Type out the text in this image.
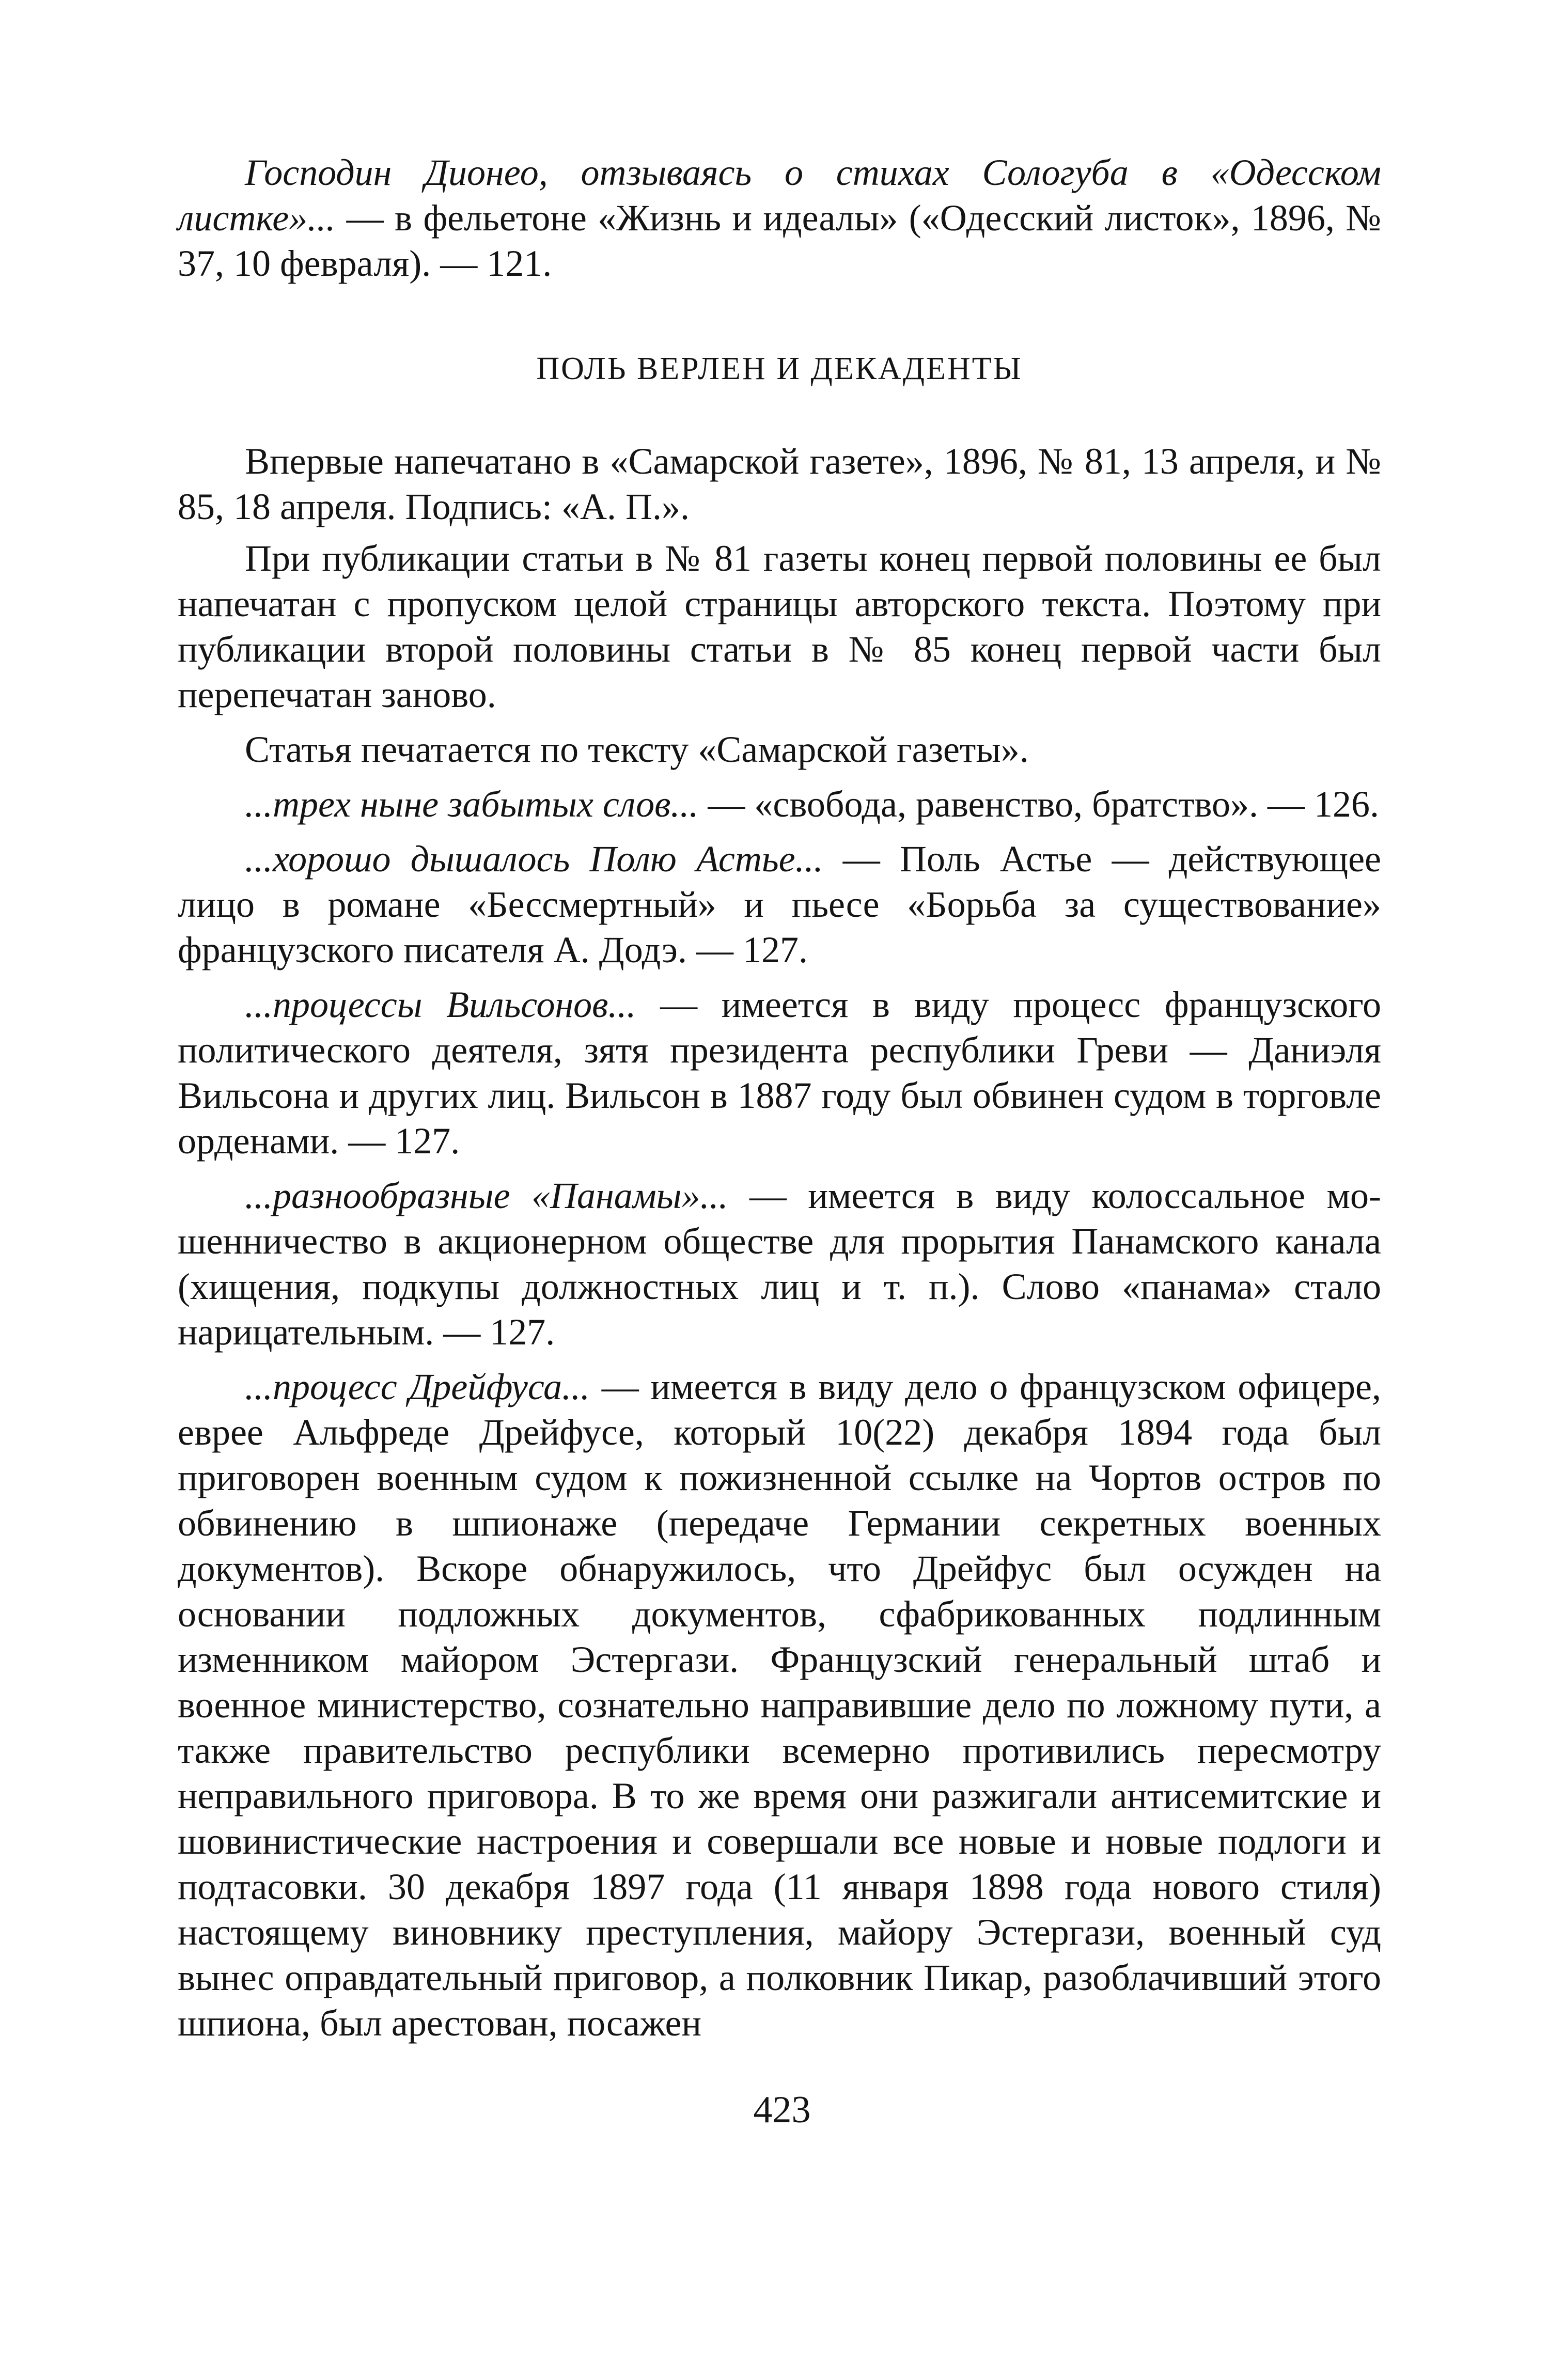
Господин Дионео, отзываясь о стихах Сологуба в «Одесском листке»... — в фельетоне «Жизнь и идеалы» («Одесский листок», 1896, № 37, 10 февраля). — 121.

ПОЛЬ ВЕРЛЕН И ДЕКАДЕНТЫ

Впервые напечатано в «Самарской газете», 1896, № 81, 13 апреля, и № 85, 18 апреля. Подпись: «А. П.».

При публикации статьи в № 81 газеты конец первой половины ее был напечатан с пропуском целой страницы авторского текста. Поэтому при публикации второй половины статьи в № 85 конец первой части был перепечатан заново.

Статья печатается по тексту «Самарской газеты».

...трех ныне забытых слов... — «свобода, равенство, братство». — 126.

...хорошо дышалось Полю Астье... — Поль Астье — действующее лицо в романе «Бессмертный» и пьесе «Борьба за существование» французского писателя А. Додэ. — 127.

...процессы Вильсонов... — имеется в виду процесс французского политического деятеля, зятя президента республики Греви — Даниэля Вильсона и других лиц. Вильсон в 1887 году был обвинен судом в торговле орденами. — 127.

...разнообразные «Панамы»... — имеется в виду колоссальное мошенничество в акционерном обществе для прорытия Панамского канала (хищения, подкупы должностных лиц и т. п.). Слово «панама» стало нарицательным. — 127.

...процесс Дрейфуса... — имеется в виду дело о французском офицере, еврее Альфреде Дрейфусе, который 10(22) декабря 1894 года был приговорен военным судом к пожизненной ссылке на Чортов остров по обвинению в шпионаже (передаче Германии секретных военных документов). Вскоре обнаружилось, что Дрейфус был осужден на основании подложных документов, сфабрикованных подлинным изменником майором Эстергази. Французский генеральный штаб и военное министерство, сознательно направившие дело по ложному пути, а также правительство республики всемерно противились пересмотру неправильного приговора. В то же время они разжигали антисемитские и шовинистические настроения и совершали все новые и новые подлоги и подтасовки. 30 декабря 1897 года (11 января 1898 года нового стиля) настоящему виновнику преступления, майору Эстергази, военный суд вынес оправдательный приговор, а полковник Пикар, разоблачивший этого шпиона, был арестован, посажен

423
